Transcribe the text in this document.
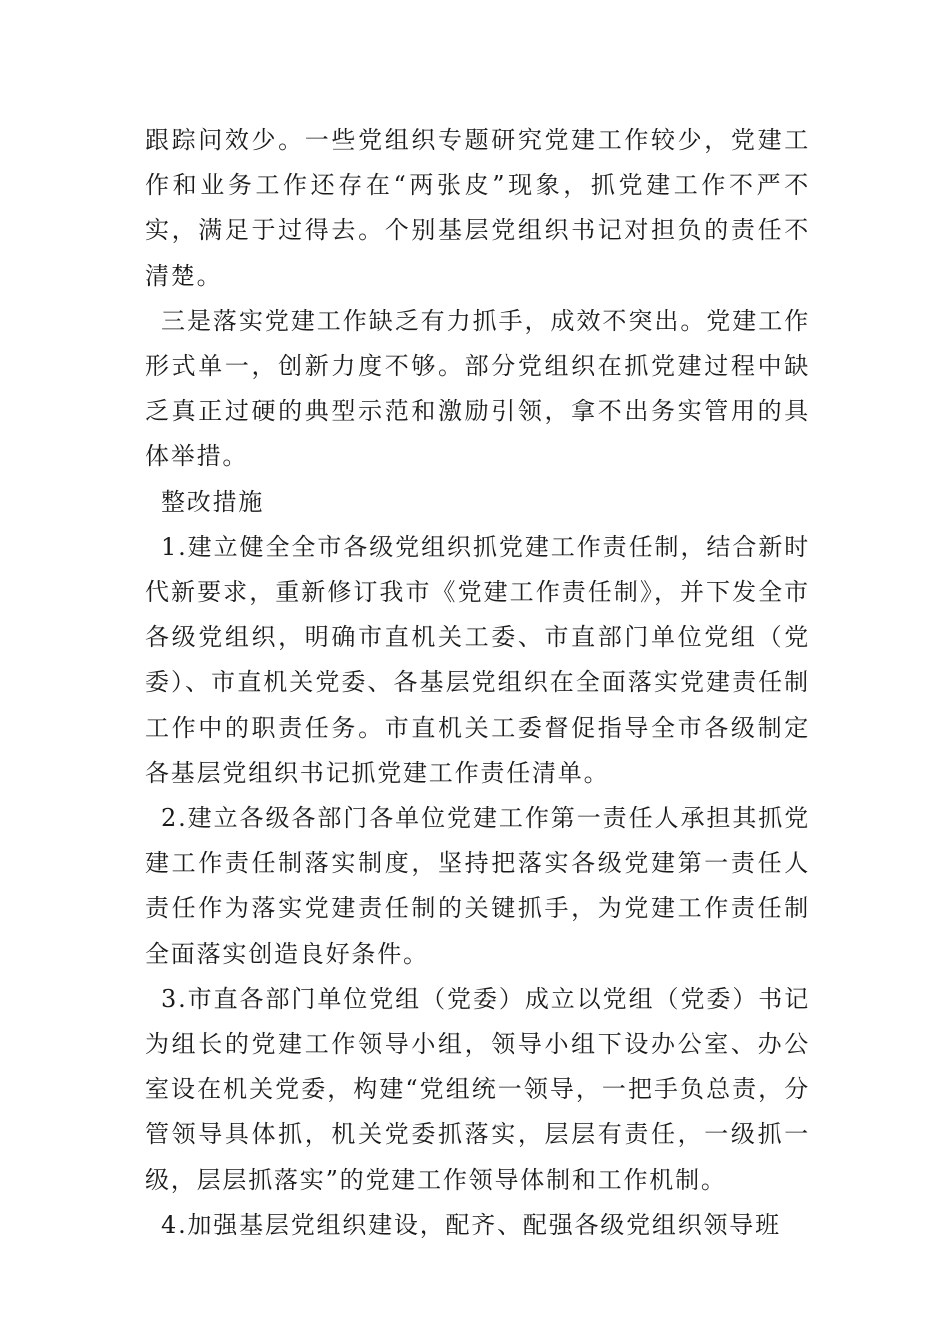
跟踪问效少。一些党组织专题研究党建工作较少，党建工作和业务工作还存在“两张皮”现象，抓党建工作不严不实，满足于过得去。个别基层党组织书记对担负的责任不清楚。

三是落实党建工作缺乏有力抓手，成效不突出。党建工作形式单一，创新力度不够。部分党组织在抓党建过程中缺乏真正过硬的典型示范和激励引领，拿不出务实管用的具体举措。

整改措施

1.建立健全全市各级党组织抓党建工作责任制，结合新时代新要求，重新修订我市《党建工作责任制》，并下发全市各级党组织，明确市直机关工委、市直部门单位党组（党委）、市直机关党委、各基层党组织在全面落实党建责任制工作中的职责任务。市直机关工委督促指导全市各级制定各基层党组织书记抓党建工作责任清单。

2.建立各级各部门各单位党建工作第一责任人承担其抓党建工作责任制落实制度，坚持把落实各级党建第一责任人责任作为落实党建责任制的关键抓手，为党建工作责任制全面落实创造良好条件。

3.市直各部门单位党组（党委）成立以党组（党委）书记为组长的党建工作领导小组，领导小组下设办公室、办公室设在机关党委，构建“党组统一领导，一把手负总责，分管领导具体抓，机关党委抓落实，层层有责任，一级抓一级，层层抓落实”的党建工作领导体制和工作机制。

4.加强基层党组织建设，配齐、配强各级党组织领导班
